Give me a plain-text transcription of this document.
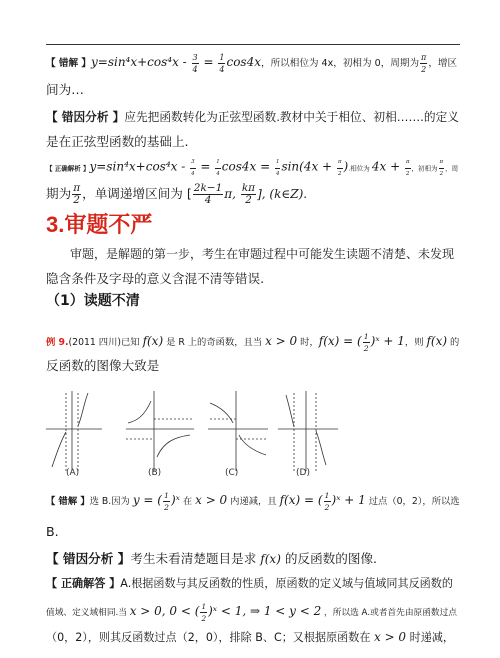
【 错解 】$y=\sin^4x+\cos^4x - \frac{3}{4} = \frac{1}{4} \cos 4x$，所以相位为 4x，初相为 0，周期为 $\frac{\pi}{2}$ ，增区
间为…
【 错因分析 】应先把函数转化为正弦型函数.教材中关于相位、初相…….的定义
是在正弦型函数的基础上.
【 正确解析 】$y=\sin^4x+\cos^4x - \frac{3}{4} = \frac{1}{4} \cos 4x = \frac{1}{4} \sin(4x + \frac{\pi}{2}$ ).相位为 $4x + \frac{\pi}{2}$ ，初相为 $\frac{\pi}{2}$ ，周
期为 $\frac{\pi}{2}$ ，单调递增区间为 [ $\frac{2k-1}{4} \pi$, $\frac{k\pi}{2}$ ], (k∈Z).
3.审题不严
审题，是解题的第一步，考生在审题过程中可能发生读题不清楚、未发现
隐含条件及字母的意义含混不清等错误.
（1）读题不清
例 9.(2011 四川)已知 f(x) 是 R 上的奇函数，且当 x > 0 时，f(x) = ( $\frac{1}{2}$ )ˣ + 1，则 f(x) 的
反函数的图像大致是
(A)	(B)	(C)	(D)
【 错解 】选 B.因为 y = ( $\frac{1}{2}$ )ˣ 在 x > 0 内递减，且 f(x) = ( $\frac{1}{2}$ )ˣ + 1 过点（0，2），所以选
B.
【 错因分析 】考生未看清楚题目是求 f(x) 的反函数的图像.
【 正确解答 】A.根据函数与其反函数的性质，原函数的定义域与值域同其反函数的
值域、定义域相同.当 x > 0, 0 < ( $\frac{1}{2}$ )ˣ < 1, ⇒ 1 < y < 2 ，所以选 A.或者首先由原函数过点
（0，2），则其反函数过点（2，0），排除 B、C；又根据原函数在 x > 0 时递减，
